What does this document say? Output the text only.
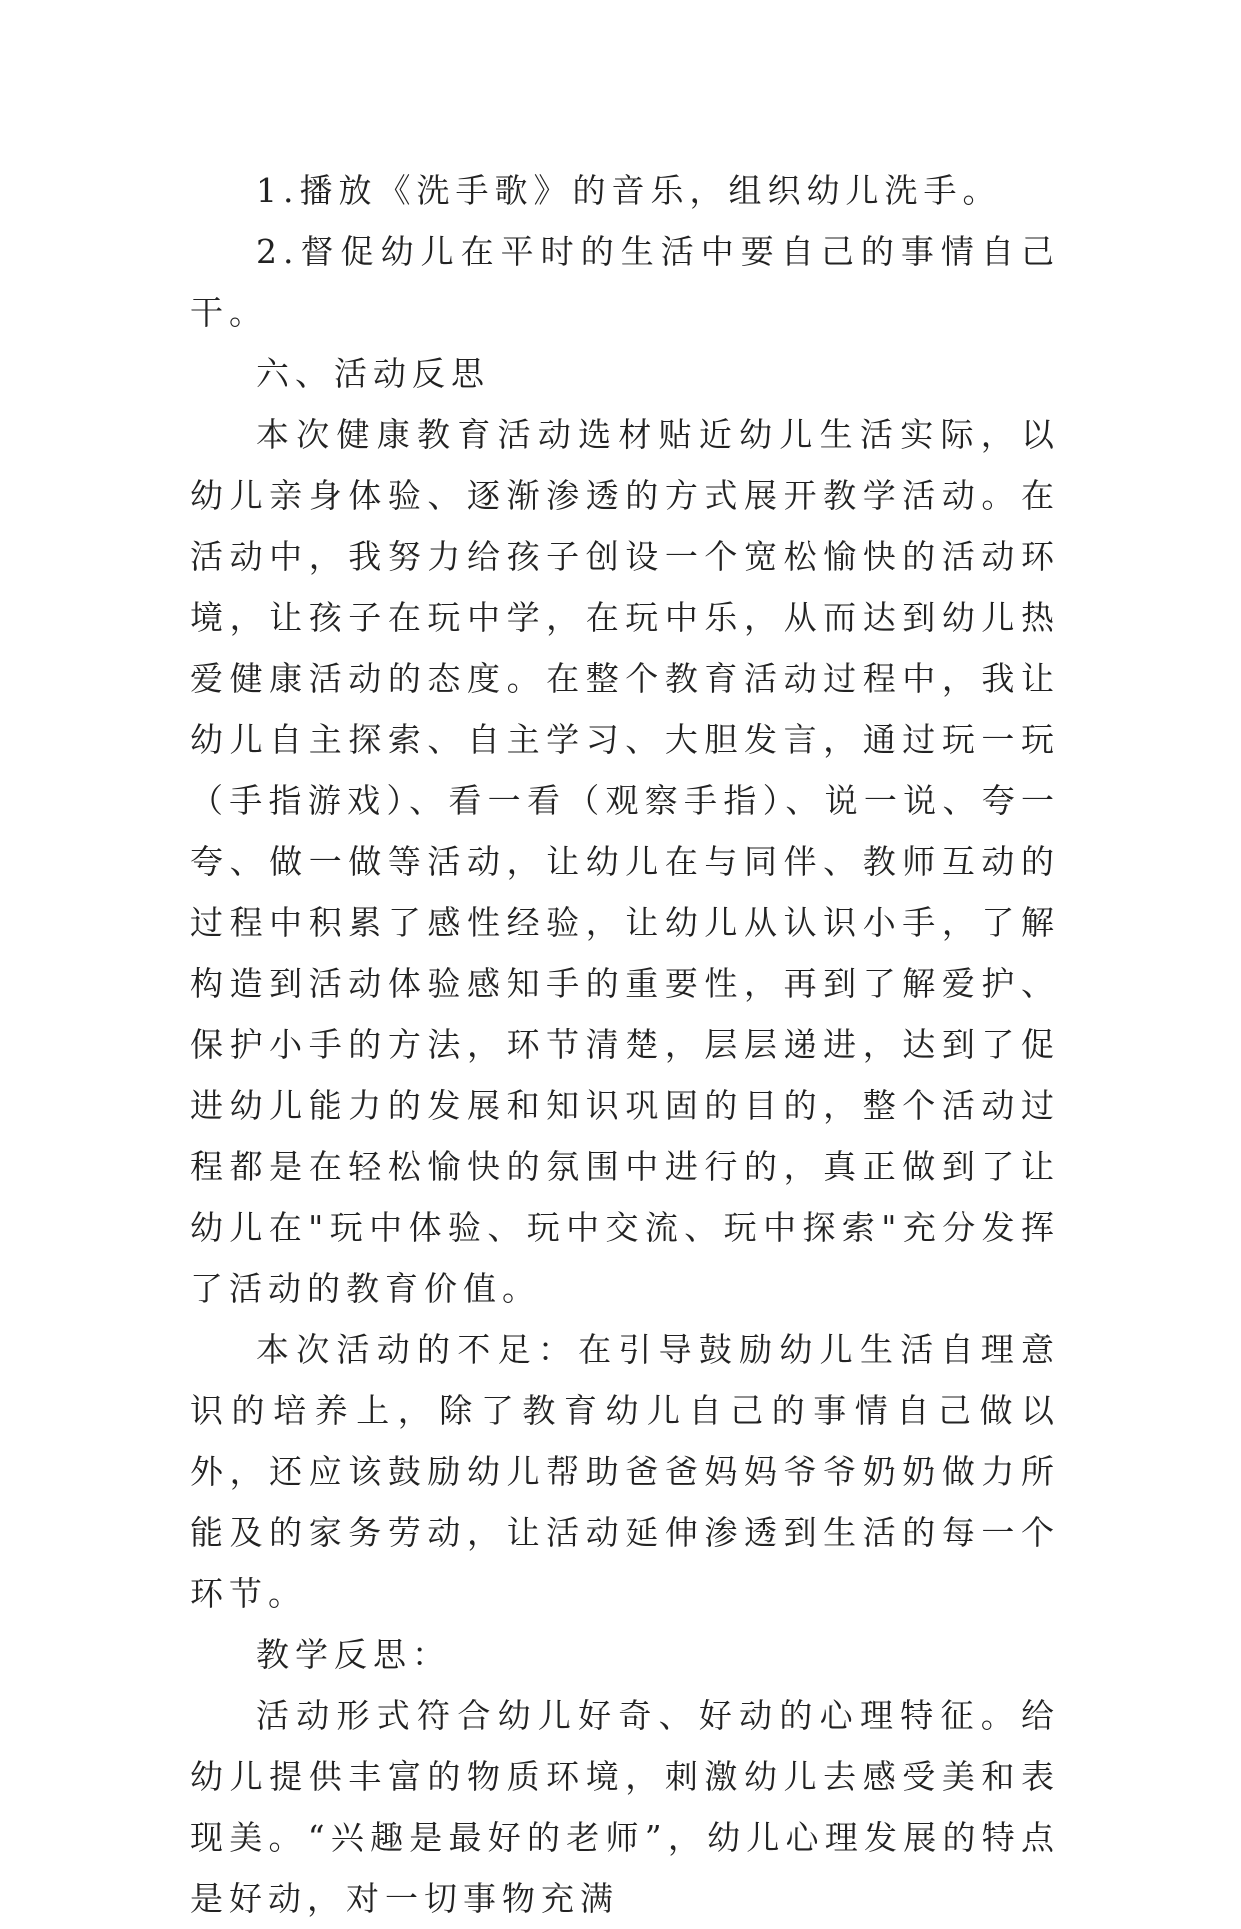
1.播放《洗手歌》的音乐，组织幼儿洗手。

2.督促幼儿在平时的生活中要自己的事情自己干。

六、活动反思

本次健康教育活动选材贴近幼儿生活实际，以幼儿亲身体验、逐渐渗透的方式展开教学活动。在活动中，我努力给孩子创设一个宽松愉快的活动环境，让孩子在玩中学，在玩中乐，从而达到幼儿热爱健康活动的态度。在整个教育活动过程中，我让幼儿自主探索、自主学习、大胆发言，通过玩一玩（手指游戏）、看一看（观察手指）、说一说、夸一夸、做一做等活动，让幼儿在与同伴、教师互动的过程中积累了感性经验，让幼儿从认识小手，了解构造到活动体验感知手的重要性，再到了解爱护、保护小手的方法，环节清楚，层层递进，达到了促进幼儿能力的发展和知识巩固的目的，整个活动过程都是在轻松愉快的氛围中进行的，真正做到了让幼儿在"玩中体验、玩中交流、玩中探索"充分发挥了活动的教育价值。

本次活动的不足：在引导鼓励幼儿生活自理意识的培养上，除了教育幼儿自己的事情自己做以外，还应该鼓励幼儿帮助爸爸妈妈爷爷奶奶做力所能及的家务劳动，让活动延伸渗透到生活的每一个环节。

教学反思：

活动形式符合幼儿好奇、好动的心理特征。给幼儿提供丰富的物质环境，刺激幼儿去感受美和表现美。“兴趣是最好的老师”，幼儿心理发展的特点是好动，对一切事物充满
